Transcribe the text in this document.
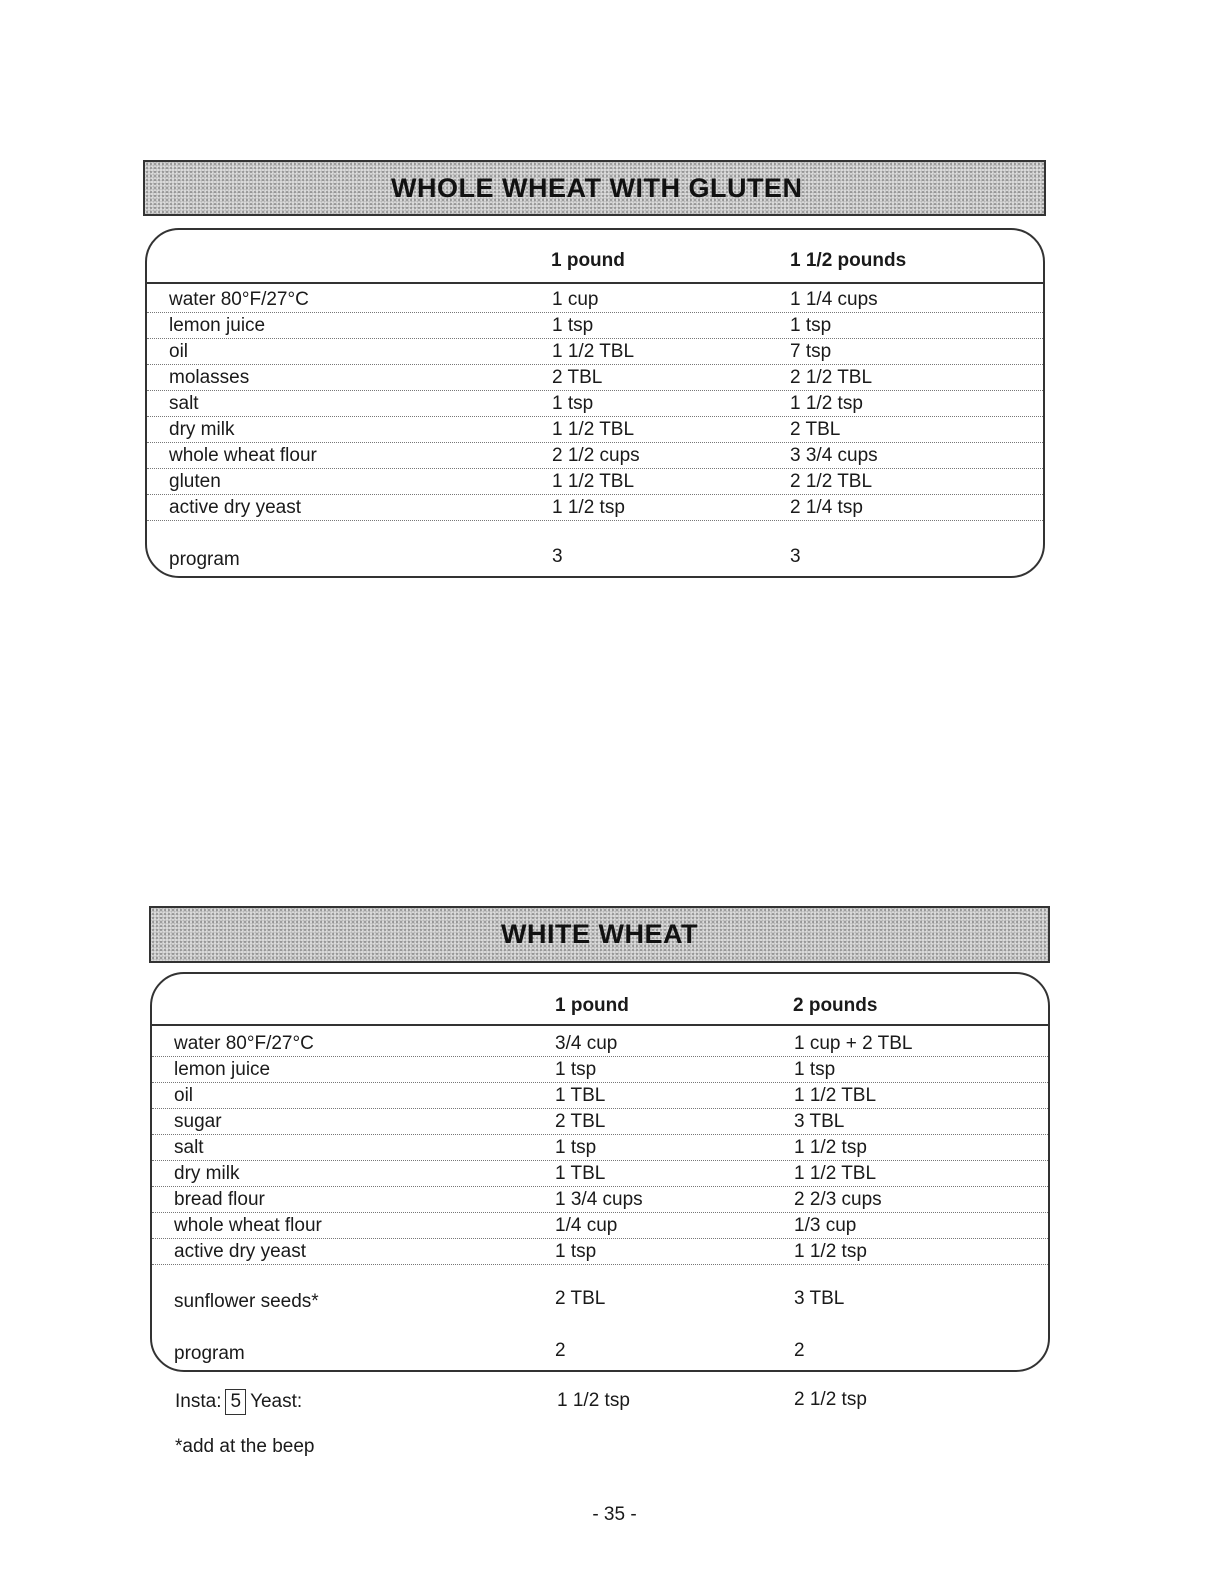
WHOLE WHEAT WITH GLUTEN
1 pound	1 1/2 pounds
water 80°F/27°C	1 cup	1 1/4 cups
lemon juice	1 tsp	1 tsp
oil	1 1/2 TBL	7 tsp
molasses	2 TBL	2 1/2 TBL
salt	1 tsp	1 1/2 tsp
dry milk	1 1/2 TBL	2 TBL
whole wheat flour	2 1/2 cups	3 3/4 cups
gluten	1 1/2 TBL	2 1/2 TBL
active dry yeast	1 1/2 tsp	2 1/4 tsp
program	3	3
WHITE WHEAT
1 pound	2 pounds
water 80°F/27°C	3/4 cup	1 cup + 2 TBL
lemon juice	1 tsp	1 tsp
oil	1 TBL	1 1/2 TBL
sugar	2 TBL	3 TBL
salt	1 tsp	1 1/2 tsp
dry milk	1 TBL	1 1/2 TBL
bread flour	1 3/4 cups	2 2/3 cups
whole wheat flour	1/4 cup	1/3 cup
active dry yeast	1 tsp	1 1/2 tsp
sunflower seeds*	2 TBL	3 TBL
program	2	2
Insta: 5 Yeast:	1 1/2 tsp	2 1/2 tsp
*add at the beep
- 35 -
